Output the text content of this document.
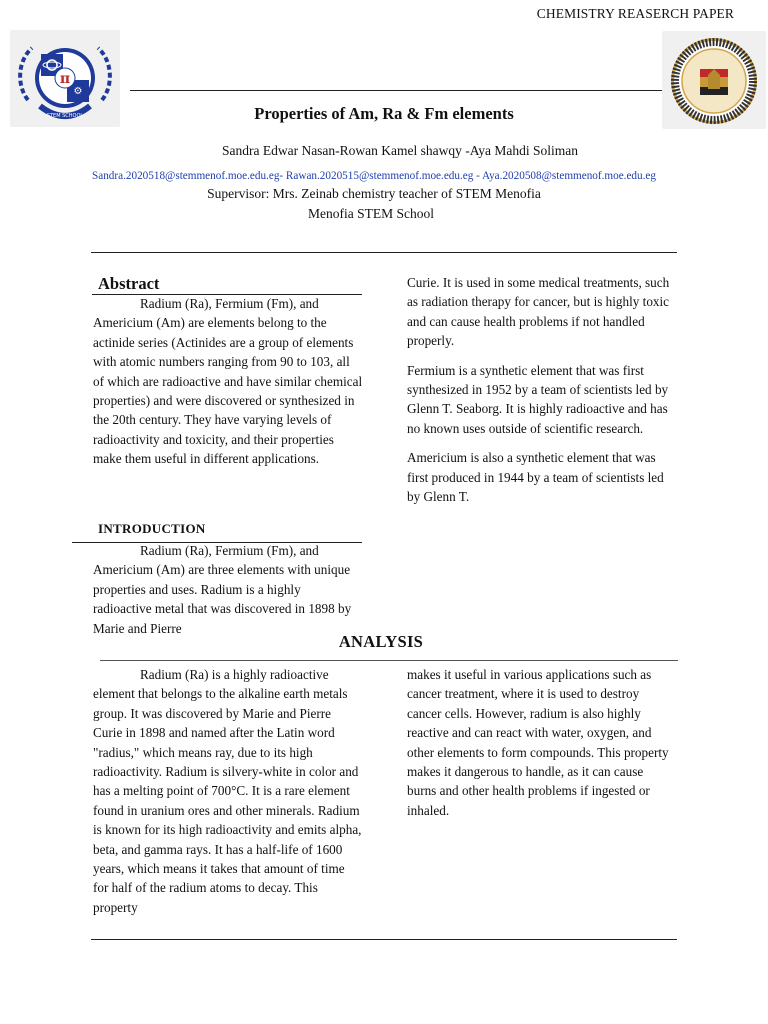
CHEMISTRY REASERCH PAPER
⚙
π
STEM SCHOOL	Properties of Am, Ra & Fm elements
Sandra Edwar Nasan-Rowan Kamel shawqy -Aya Mahdi Soliman
Sandra.2020518@stemmenof.moe.edu.eg- Rawan.2020515@stemmenof.moe.edu.eg - Aya.2020508@stemmenof.moe.edu.eg
Supervisor: Mrs. Zeinab chemistry teacher of STEM Menofia
Menofia STEM School
Abstract

Radium (Ra), Fermium (Fm), and Americium (Am) are elements belong to the actinide series (Actinides are a group of elements with atomic numbers ranging from 90 to 103, all of which are radioactive and have similar chemical properties) and were discovered or synthesized in the 20th century. They have varying levels of radioactivity and toxicity, and their properties make them useful in different applications.

INTRODUCTION

Radium (Ra), Fermium (Fm), and Americium (Am) are three elements with unique properties and uses. Radium is a highly radioactive metal that was discovered in 1898 by Marie and Pierre

Curie. It is used in some medical treatments, such as radiation therapy for cancer, but is highly toxic and can cause health problems if not handled properly.

Fermium is a synthetic element that was first synthesized in 1952 by a team of scientists led by Glenn T. Seaborg. It is highly radioactive and has no known uses outside of scientific research.

Americium is also a synthetic element that was first produced in 1944 by a team of scientists led by Glenn T.

ANALYSIS

Radium (Ra) is a highly radioactive element that belongs to the alkaline earth metals group. It was discovered by Marie and Pierre Curie in 1898 and named after the Latin word "radius," which means ray, due to its high radioactivity. Radium is silvery-white in color and has a melting point of 700°C. It is a rare element found in uranium ores and other minerals. Radium is known for its high radioactivity and emits alpha, beta, and gamma rays. It has a half-life of 1600 years, which means it takes that amount of time for half of the radium atoms to decay. This property

makes it useful in various applications such as cancer treatment, where it is used to destroy cancer cells. However, radium is also highly reactive and can react with water, oxygen, and other elements to form compounds. This property makes it dangerous to handle, as it can cause burns and other health problems if ingested or inhaled.
